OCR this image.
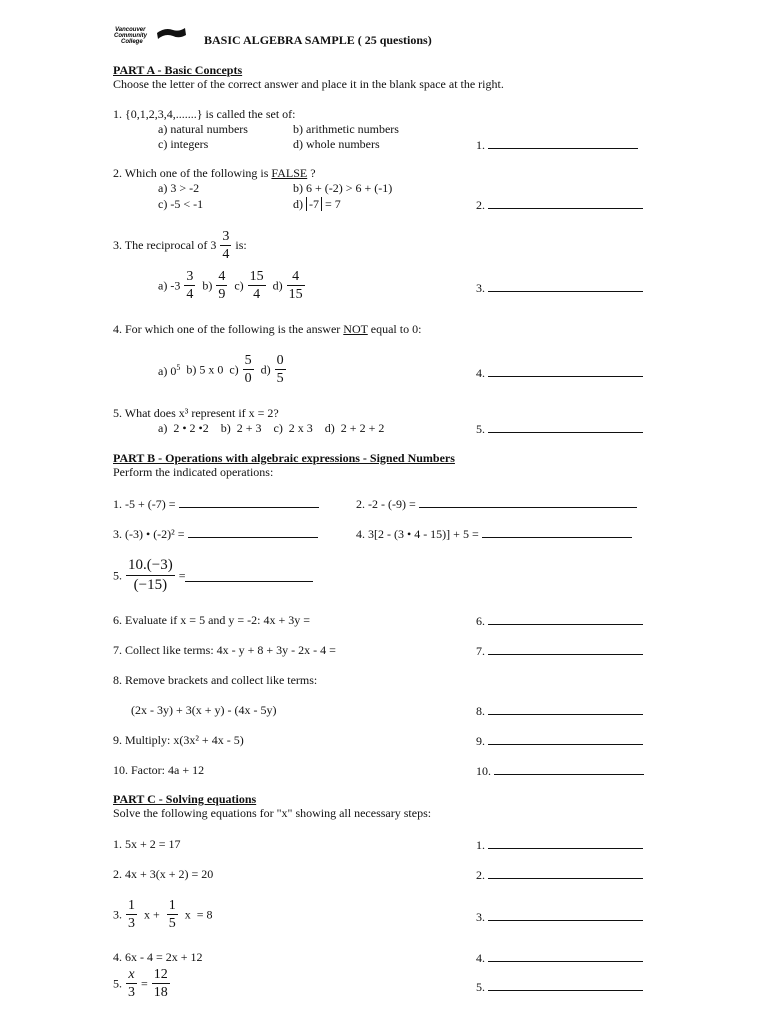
Vancouver
Community
College	BASIC ALGEBRA SAMPLE ( 25 questions)
PART A - Basic Concepts
Choose the letter of the correct answer and place it in the blank space at the right.
1. {0,1,2,3,4,.......} is called the set of:
a) natural numbers	b) arithmetic numbers
c) integers	d) whole numbers	1.
2. Which one of the following is FALSE ?
a) 3 > -2	b) 6 + (-2) > 6 + (-1)
c) -5 < -1	d) -7 = 7	2.
3. The reciprocal of $3 \frac{3}{4}$ is:
a) $-3 \frac{3}{4} b) \frac{4}{9} c) \frac{15}{4} d) \frac{4}{15}$	3.
4. For which one of the following is the answer NOT equal to 0:
a) $0^5$ b) 5 x 0 $c) \frac{5}{0} d) \frac{0}{5}$	4.
5. What does x³ represent if x = 2?
a)  2 • 2 •2    b)  2 + 3    c)  2 x 3    d)  2 + 2 + 2	5.
PART B - Operations with algebraic expressions - Signed Numbers
Perform the indicated operations:
1. -5 + (-7) =	2. -2 - (-9) =
3. (-3) • (-2)² =	4. 3[2 - (3 • 4 - 15)] + 5 =
5. $\frac{10.(-3)}{(-15)}$ =
6. Evaluate if x = 5 and y = -2: 4x + 3y =	6.
7. Collect like terms: 4x - y + 8 + 3y - 2x - 4 =	7.
8. Remove brackets and collect like terms:
(2x - 3y) + 3(x + y) - (4x - 5y)	8.
9. Multiply: x(3x² + 4x - 5)	9.
10. Factor: 4a + 12	10.
PART C - Solving equations
Solve the following equations for "x" showing all necessary steps:
1. 5x + 2 = 17	1.
2. 4x + 3(x + 2) = 20	2.
3. $\frac{1}{3}$ $x + \frac{1}{5}$ x  = 8	3.
4. 6x - 4 = 2x + 12	4.
5. $\frac{x}{3} = \frac{12}{18}$	5.
